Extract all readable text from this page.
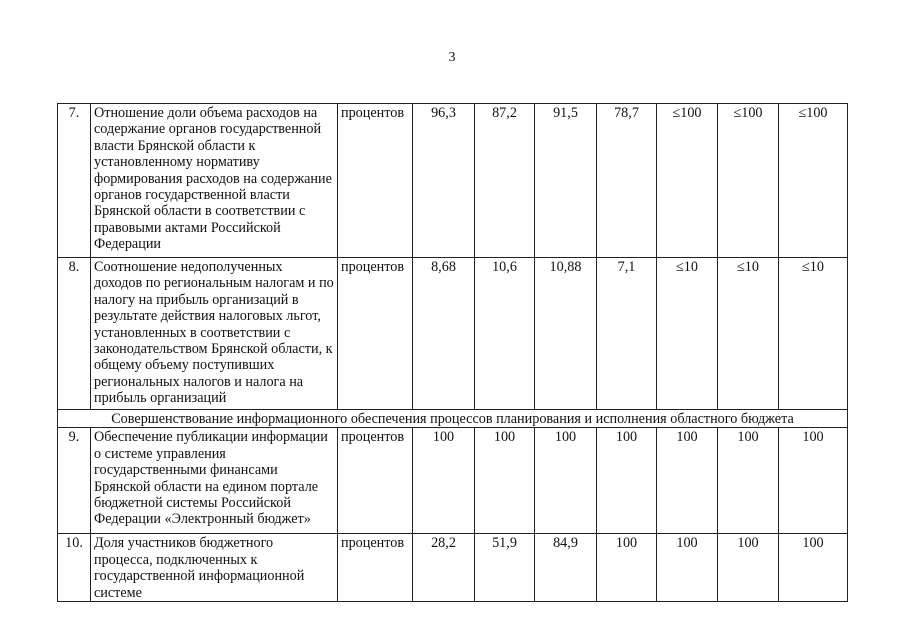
3
7.	Отношение доли объема расходов на содержание органов государственной власти Брянской области к установленному нормативу формирования расходов на содержание органов государственной власти Брянской области в соответствии с правовыми актами Российской Федерации	процентов	96,3	87,2	91,5	78,7	≤100	≤100	≤100
8.	Соотношение недополученных доходов по региональным налогам и по налогу на прибыль организаций в результате действия налоговых льгот, установленных в соответствии с законодательством Брянской области, к общему объему поступивших региональных налогов и налога на прибыль организаций	процентов	8,68	10,6	10,88	7,1	≤10	≤10	≤10
Совершенствование информационного обеспечения процессов планирования и исполнения областного бюджета									
9.	Обеспечение публикации информации о системе управления государственными финансами Брянской области на едином портале бюджетной системы Российской Федерации «Электронный бюджет»	процентов	100	100	100	100	100	100	100
10.	Доля участников бюджетного процесса, подключенных к государственной информационной системе	процентов	28,2	51,9	84,9	100	100	100	100
